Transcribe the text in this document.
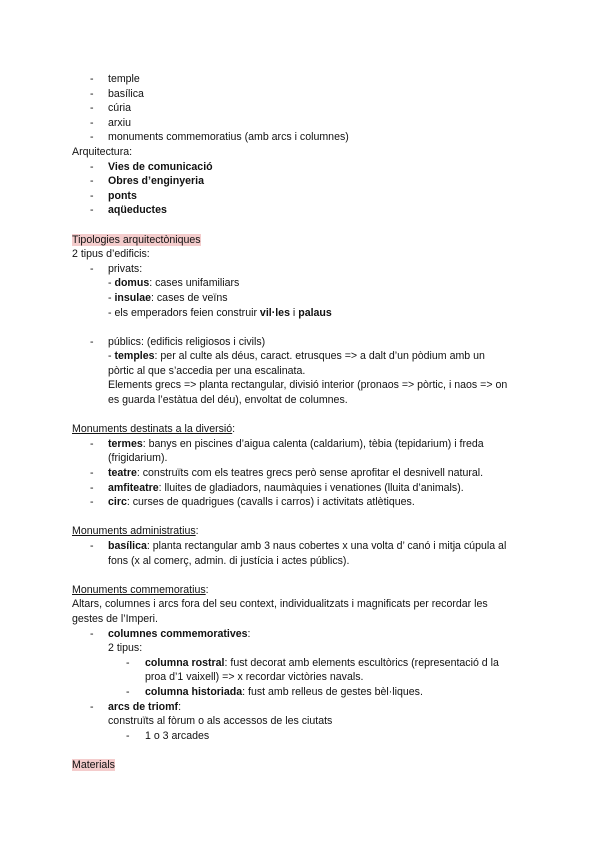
- temple
- basílica
- cúria
- arxiu
- monuments commemoratius (amb arcs i columnes)
Arquitectura:
- Vies de comunicació
- Obres d’enginyeria
- ponts
- aqüeductes
Tipologies arquitectòniques
2 tipus d’edificis:
- privats:
- domus: cases unifamiliars
- insulae: cases de veïns
- els emperadors feien construir vil·les i palaus
- públics: (edificis religiosos i civils)
- temples: per al culte als déus, caract. etrusques => a dalt d’un pòdium amb un
pòrtic al que s’accedia per una escalinata.
Elements grecs => planta rectangular, divisió interior (pronaos => pòrtic, i naos => on
es guarda l’estàtua del déu), envoltat de columnes.
Monuments destinats a la diversió:
- termes: banys en piscines d’aigua calenta (caldarium), tèbia (tepidarium) i freda
(frigidarium).
- teatre: construïts com els teatres grecs però sense aprofitar el desnivell natural.
- amfiteatre: lluites de gladiadors, naumàquies i venationes (lluita d’animals).
- circ: curses de quadrigues (cavalls i carros) i activitats atlètiques.
Monuments administratius:
- basílica: planta rectangular amb 3 naus cobertes x una volta d’ canó i mitja cúpula al
fons (x al comerç, admin. di justícia i actes públics).
Monuments commemoratius:
Altars, columnes i arcs fora del seu context, individualitzats i magnificats per recordar les
gestes de l’Imperi.
- columnes commemoratives:
2 tipus:
- columna rostral: fust decorat amb elements escultòrics (representació d la
proa d’1 vaixell) => x recordar victòries navals.
- columna historiada: fust amb relleus de gestes bèl·liques.
- arcs de triomf:
construïts al fòrum o als accessos de les ciutats
- 1 o 3 arcades
Materials
